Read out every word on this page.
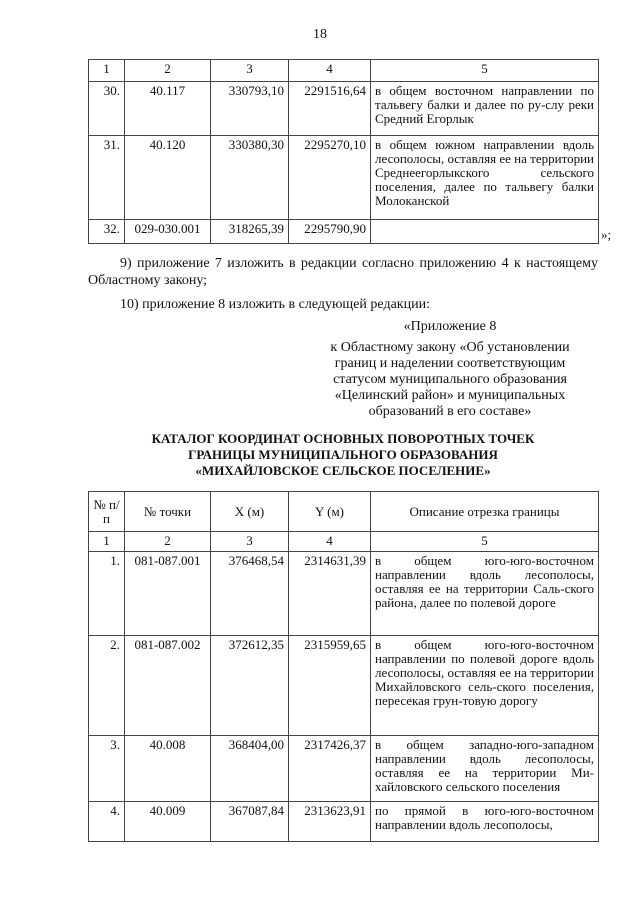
18
1	2	3	4	5
30.	40.117	330793,10	2291516,64	в общем восточном направлении по тальвегу балки и далее по ру-слу реки Средний Егорлык
31.	40.120	330380,30	2295270,10	в общем южном направлении вдоль лесополосы, оставляя ее на территории Среднеегорлыкского сельского поселения, далее по тальвегу балки Молоканской
32.	029-030.001	318265,39	2295790,90		»;
9) приложение 7 изложить в редакции согласно приложению 4 к настоящему Областному закону;
10) приложение 8 изложить в следующей редакции:
«Приложение 8
к Областному закону «Об установлении
границ и наделении соответствующим
статусом муниципального образования
«Целинский район» и муниципальных
образований в его составе»
КАТАЛОГ КООРДИНАТ ОСНОВНЫХ ПОВОРОТНЫХ ТОЧЕК
ГРАНИЦЫ МУНИЦИПАЛЬНОГО ОБРАЗОВАНИЯ
«МИХАЙЛОВСКОЕ СЕЛЬСКОЕ ПОСЕЛЕНИЕ»
№ п/п	№ точки	X (м)	Y (м)	Описание отрезка границы
1	2	3	4	5
1.	081-087.001	376468,54	2314631,39	в общем юго-юго-восточном направлении вдоль лесополосы, оставляя ее на территории Саль-ского района, далее по полевой дороге
2.	081-087.002	372612,35	2315959,65	в общем юго-юго-восточном направлении по полевой дороге вдоль лесополосы, оставляя ее на территории Михайловского сель-ского поселения, пересекая грун-товую дорогу
3.	40.008	368404,00	2317426,37	в общем западно-юго-западном направлении вдоль лесополосы, оставляя ее на территории Ми-хайловского сельского поселения
4.	40.009	367087,84	2313623,91	по прямой в юго-юго-восточном направлении вдоль лесополосы,
